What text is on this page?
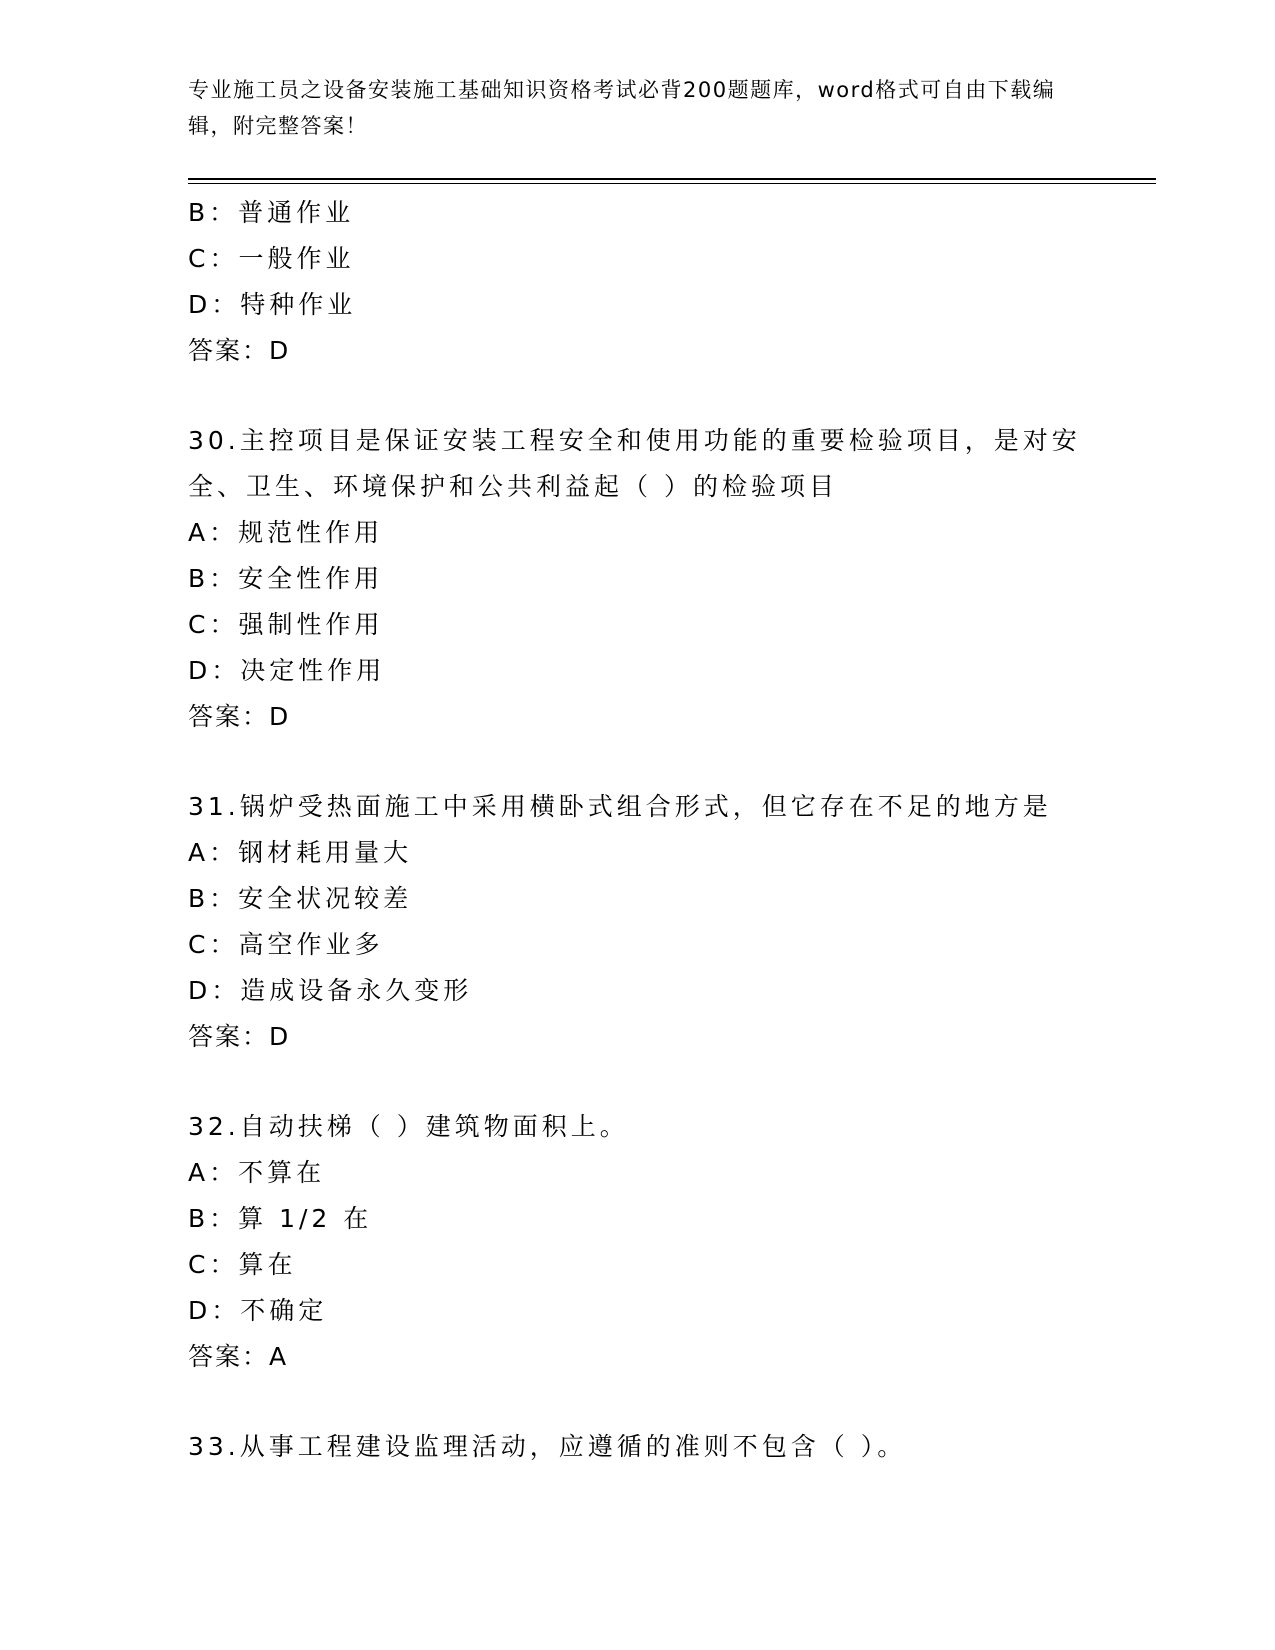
专业施工员之设备安装施工基础知识资格考试必背200题题库，word格式可自由下载编辑，附完整答案！
B：普通作业
C：一般作业
D：特种作业
答案：D
30.主控项目是保证安装工程安全和使用功能的重要检验项目，是对安
全、卫生、环境保护和公共利益起（ ）的检验项目
A：规范性作用
B：安全性作用
C：强制性作用
D：决定性作用
答案：D
31.锅炉受热面施工中采用横卧式组合形式，但它存在不足的地方是
A：钢材耗用量大
B：安全状况较差
C：高空作业多
D：造成设备永久变形
答案：D
32.自动扶梯（ ）建筑物面积上。
A：不算在
B：算 1/2 在
C：算在
D：不确定
答案：A
33.从事工程建设监理活动，应遵循的准则不包含（ ）。
